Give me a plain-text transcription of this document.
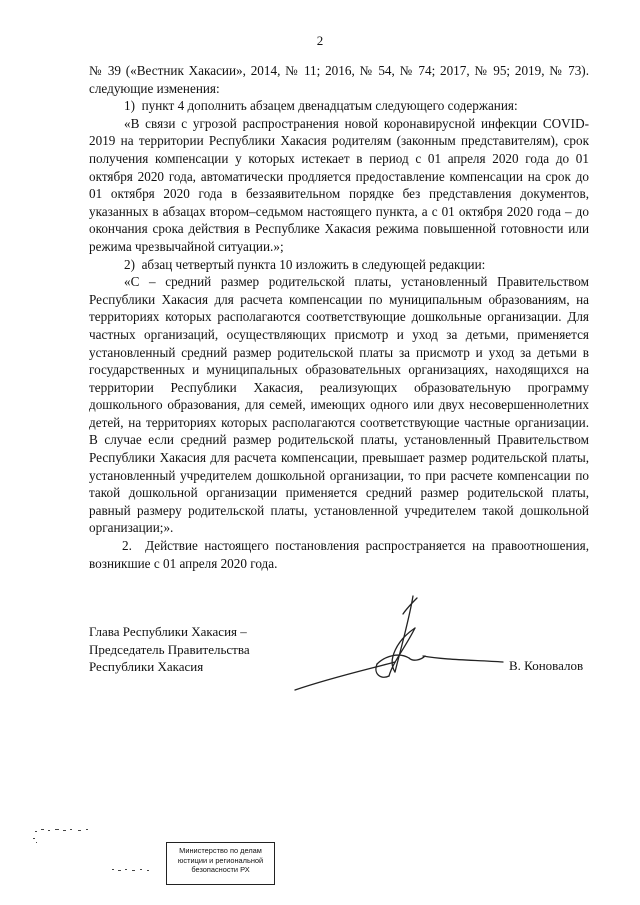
2

№ 39 («Вестник Хакасии», 2014, № 11; 2016, № 54, № 74; 2017, № 95; 2019, № 73). следующие изменения:

1) пункт 4 дополнить абзацем двенадцатым следующего содержания:

«В связи с угрозой распространения новой коронавирусной инфекции COVID-2019 на территории Республики Хакасия родителям (законным представителям), срок получения компенсации у которых истекает в период с 01 апреля 2020 года до 01 октября 2020 года, автоматически продляется предоставление компенсации на срок до 01 октября 2020 года в беззаявительном порядке без представления документов, указанных в абзацах втором–седьмом настоящего пункта, а с 01 октября 2020 года – до окончания срока действия в Республике Хакасия режима повышенной готовности или режима чрезвычайной ситуации.»;

2) абзац четвертый пункта 10 изложить в следующей редакции:

«С – средний размер родительской платы, установленный Правительством Республики Хакасия для расчета компенсации по муниципальным образованиям, на территориях которых располагаются соответствующие дошкольные организации. Для частных организаций, осуществляющих присмотр и уход за детьми, применяется установленный средний размер родительской платы за присмотр и уход за детьми в государственных и муниципальных образовательных организациях, находящихся на территории Республики Хакасия, реализующих образовательную программу дошкольного образования, для семей, имеющих одного или двух несовершеннолетних детей, на территориях которых располагаются соответствующие частные организации. В случае если средний размер родительской платы, установленный Правительством Республики Хакасия для расчета компенсации, превышает размер родительской платы, установленный учредителем дошкольной организации, то при расчете компенсации по такой дошкольной организации применяется средний размер родительской платы, равный размеру родительской платы, установленной учредителем такой дошкольной организации;».

2. Действие настоящего постановления распространяется на правоотношения, возникшие с 01 апреля 2020 года.

Глава Республики Хакасия –
Председатель Правительства
Республики Хакасия	В. Коновалов
Министерство по делам
юстиции и региональной
безопасности РХ
